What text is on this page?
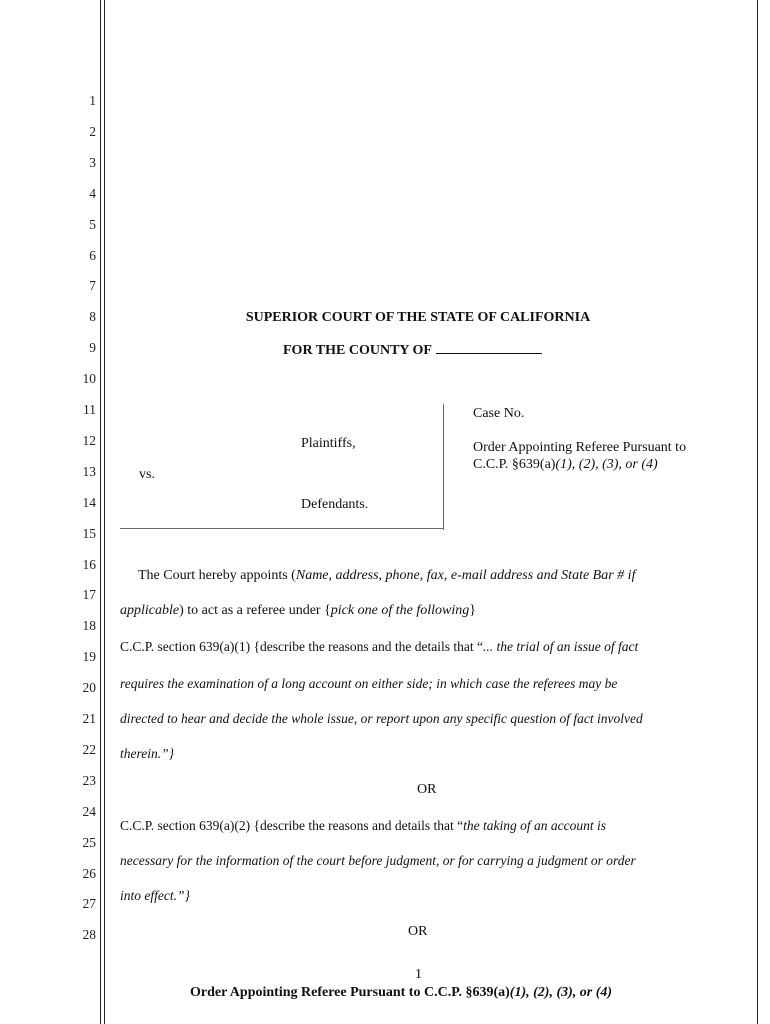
1
2
3
4
5
6
7
8
9
10
11
12
13
14
15
16
17
18
19
20
21
22
23
24
25
26
27
28
SUPERIOR COURT OF THE STATE OF CALIFORNIA
FOR THE COUNTY OF
Plaintiffs,
vs.
Defendants.
Case No.
Order Appointing Referee Pursuant to
C.C.P. §639(a)(1), (2), (3), or (4)
The Court hereby appoints (Name, address, phone, fax, e-mail address and State Bar # if
applicable) to act as a referee under {pick one of the following}
C.C.P. section 639(a)(1) {describe the reasons and the details that “... the trial of an issue of fact
requires the examination of a long account on either side; in which case the referees may be
directed to hear and decide the whole issue, or report upon any specific question of fact involved
therein.”}
OR
C.C.P. section 639(a)(2) {describe the reasons and details that “the taking of an account is
necessary for the information of the court before judgment, or for carrying a judgment or order
into effect.”}
OR
1
Order Appointing Referee Pursuant to C.C.P. §639(a)(1), (2), (3), or (4)
